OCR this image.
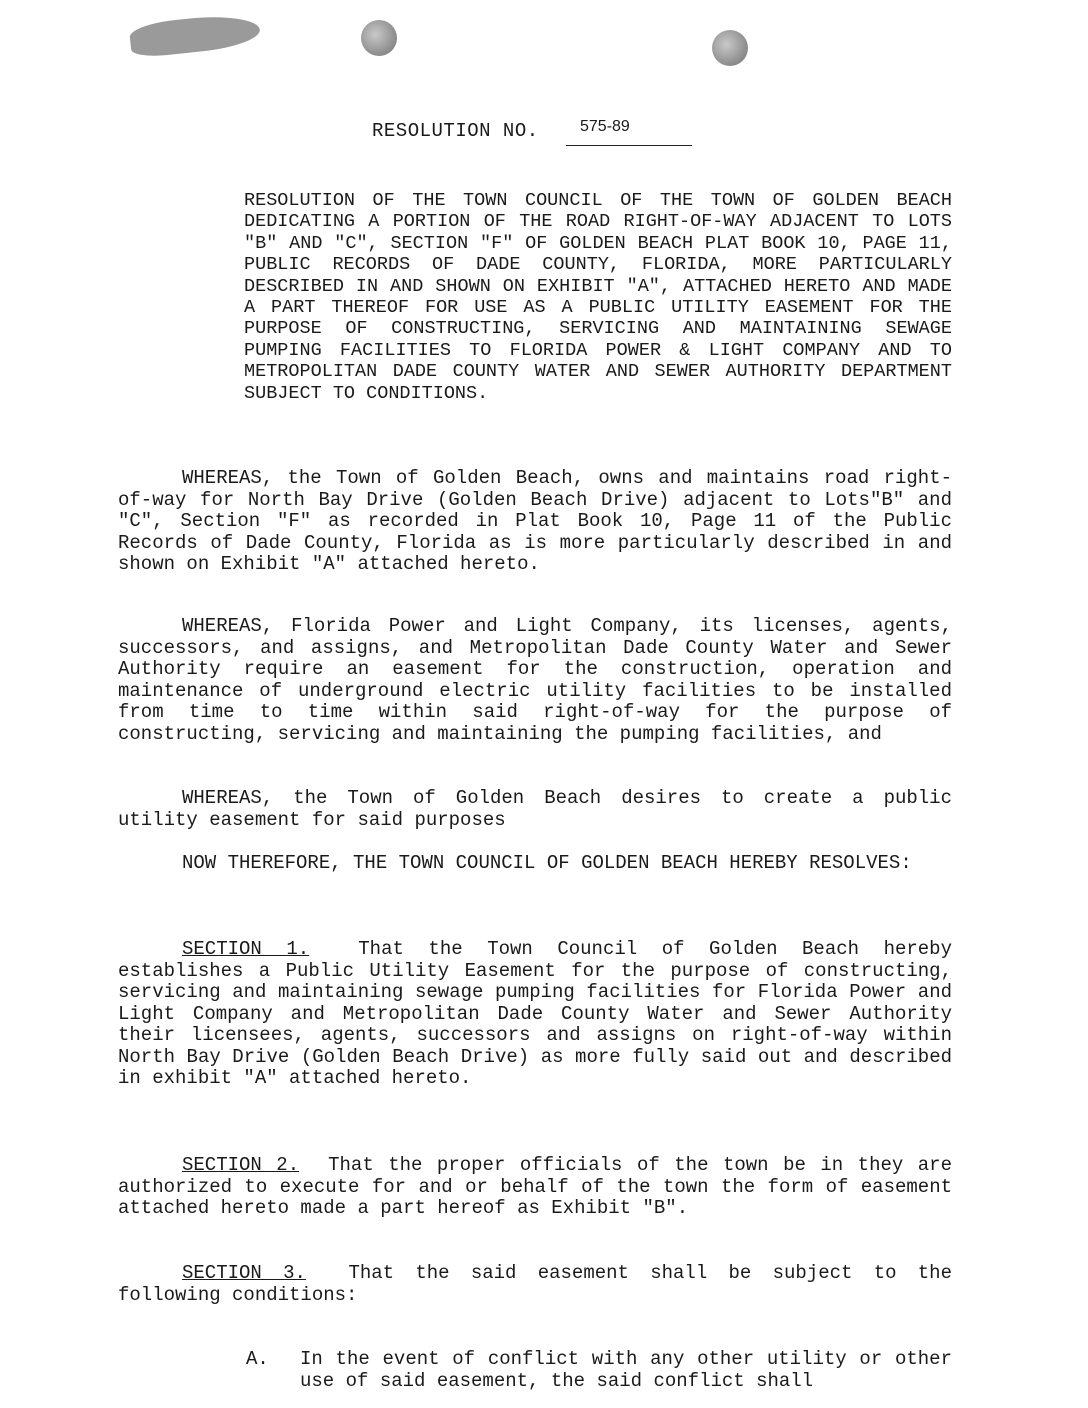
RESOLUTION NO.	575-89
RESOLUTION OF THE TOWN COUNCIL OF THE TOWN OF GOLDEN BEACH DEDICATING A PORTION OF THE ROAD RIGHT-OF-WAY ADJACENT TO LOTS "B" AND "C", SECTION "F" OF GOLDEN BEACH PLAT BOOK 10, PAGE 11, PUBLIC RECORDS OF DADE COUNTY, FLORIDA, MORE PARTICULARLY DESCRIBED IN AND SHOWN ON EXHIBIT "A", ATTACHED HERETO AND MADE A PART THEREOF FOR USE AS A PUBLIC UTILITY EASEMENT FOR THE PURPOSE OF CONSTRUCTING, SERVICING AND MAINTAINING SEWAGE PUMPING FACILITIES TO FLORIDA POWER & LIGHT COMPANY AND TO METROPOLITAN DADE COUNTY WATER AND SEWER AUTHORITY DEPARTMENT SUBJECT TO CONDITIONS.
WHEREAS, the Town of Golden Beach, owns and maintains road right-of-way for North Bay Drive (Golden Beach Drive) adjacent to Lots"B" and "C", Section "F" as recorded in Plat Book 10, Page 11 of the Public Records of Dade County, Florida as is more particularly described in and shown on Exhibit "A" attached hereto.
WHEREAS, Florida Power and Light Company, its licenses, agents, successors, and assigns, and Metropolitan Dade County Water and Sewer Authority require an easement for the construction, operation and maintenance of underground electric utility facilities to be installed from time to time within said right-of-way for the purpose of constructing, servicing and maintaining the pumping facilities, and
WHEREAS, the Town of Golden Beach desires to create a public utility easement for said purposes
NOW THEREFORE, THE TOWN COUNCIL OF GOLDEN BEACH HEREBY RESOLVES:
SECTION 1.	That the Town Council of Golden Beach hereby establishes a Public Utility Easement for the purpose of constructing, servicing and maintaining sewage pumping facilities for Florida Power and Light Company and Metropolitan Dade County Water and Sewer Authority their licensees, agents, successors and assigns on right-of-way within North Bay Drive (Golden Beach Drive) as more fully said out and described in exhibit "A" attached hereto.
SECTION 2. That the proper officials of the town be in they are authorized to execute for and or behalf of the town the form of easement attached hereto made a part hereof as Exhibit "B".
SECTION 3. That the said easement shall be subject to the following conditions:
A. In the event of conflict with any other utility or other use of said easement, the said conflict shall
